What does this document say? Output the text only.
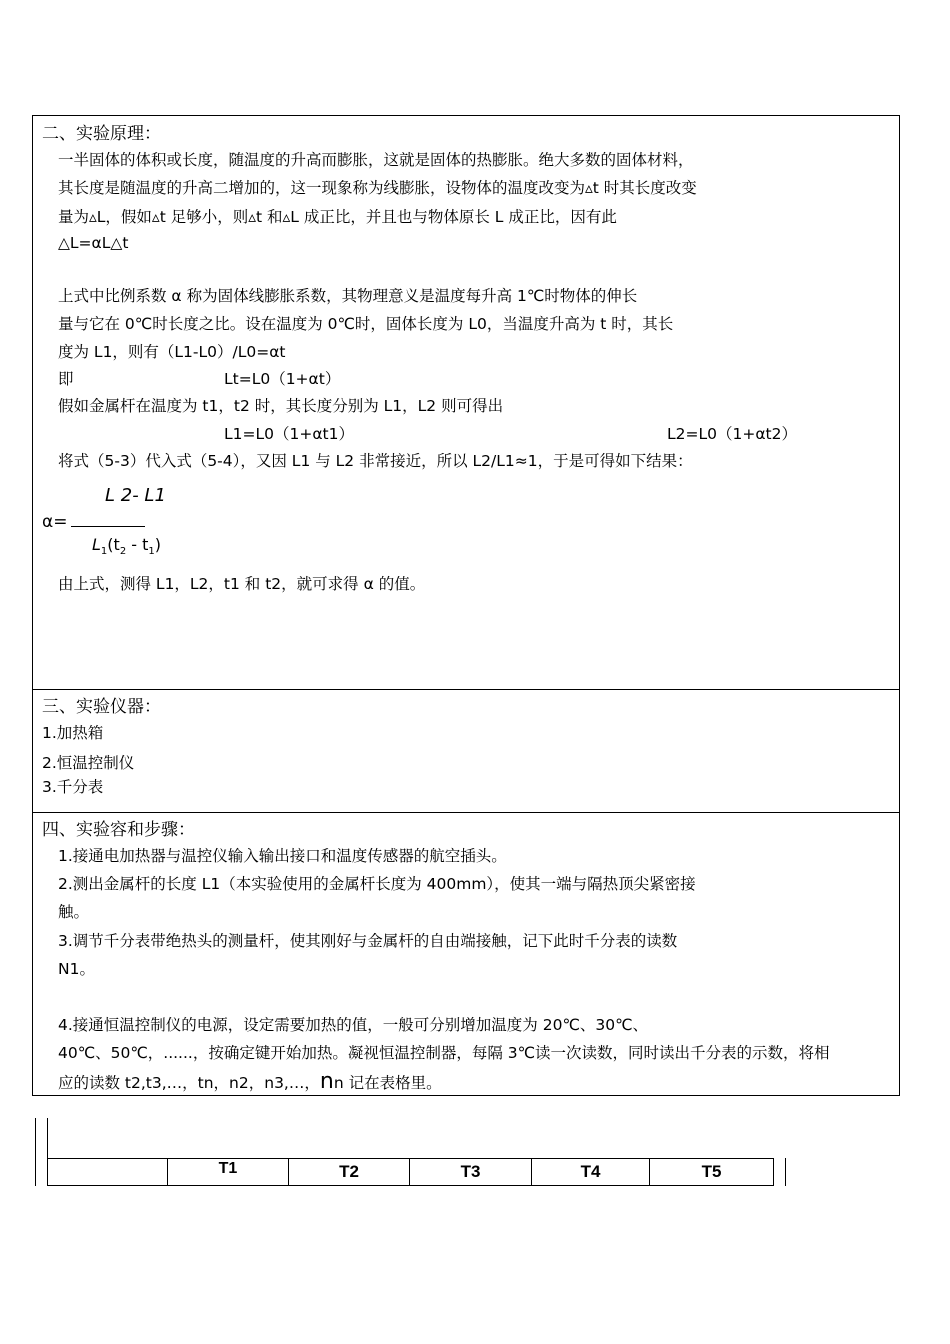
二、实验原理：
一半固体的体积或长度，随温度的升高而膨胀，这就是固体的热膨胀。绝大多数的固体材料，
其长度是随温度的升高二增加的，这一现象称为线膨胀，设物体的温度改变为▵t 时其长度改变
量为▵L，假如▵t 足够小，则▵t 和▵L 成正比，并且也与物体原长 L 成正比，因有此
△L=αL△t
上式中比例系数 α 称为固体线膨胀系数，其物理意义是温度每升高 1℃时物体的伸长
量与它在 0℃时长度之比。设在温度为 0℃时，固体长度为 L0，当温度升高为 t 时，其长
度为 L1，则有（L1-L0）/L0=αt
即	Lt=L0（1+αt）
假如金属杆在温度为 t1，t2 时，其长度分别为 L1，L2 则可得出
L1=L0（1+αt1）	L2=L0（1+αt2）
将式（5-3）代入式（5-4），又因 L1 与 L2 非常接近，所以 L2/L1≈1，于是可得如下结果：
L 2- L1
α=
$L_1(t_2 - t_1)$
由上式，测得 L1，L2，t1 和 t2，就可求得 α 的值。
三、实验仪器：
1.加热箱
2.恒温控制仪
3.千分表
四、实验容和步骤：
1.接通电加热器与温控仪输入输出接口和温度传感器的航空插头。
2.测出金属杆的长度 L1（本实验使用的金属杆长度为 400mm），使其一端与隔热顶尖紧密接
触。
3.调节千分表带绝热头的测量杆，使其刚好与金属杆的自由端接触，记下此时千分表的读数
N1。
4.接通恒温控制仪的电源，设定需要加热的值，一般可分别增加温度为 20℃、30℃、
40℃、50℃，......，按确定键开始加热。凝视恒温控制器，每隔 3℃读一次读数，同时读出千分表的示数，将相
应的读数 t2,t3,…，tn，n2，n3,…，nn 记在表格里。
T1	T2	T3	T4	T5
